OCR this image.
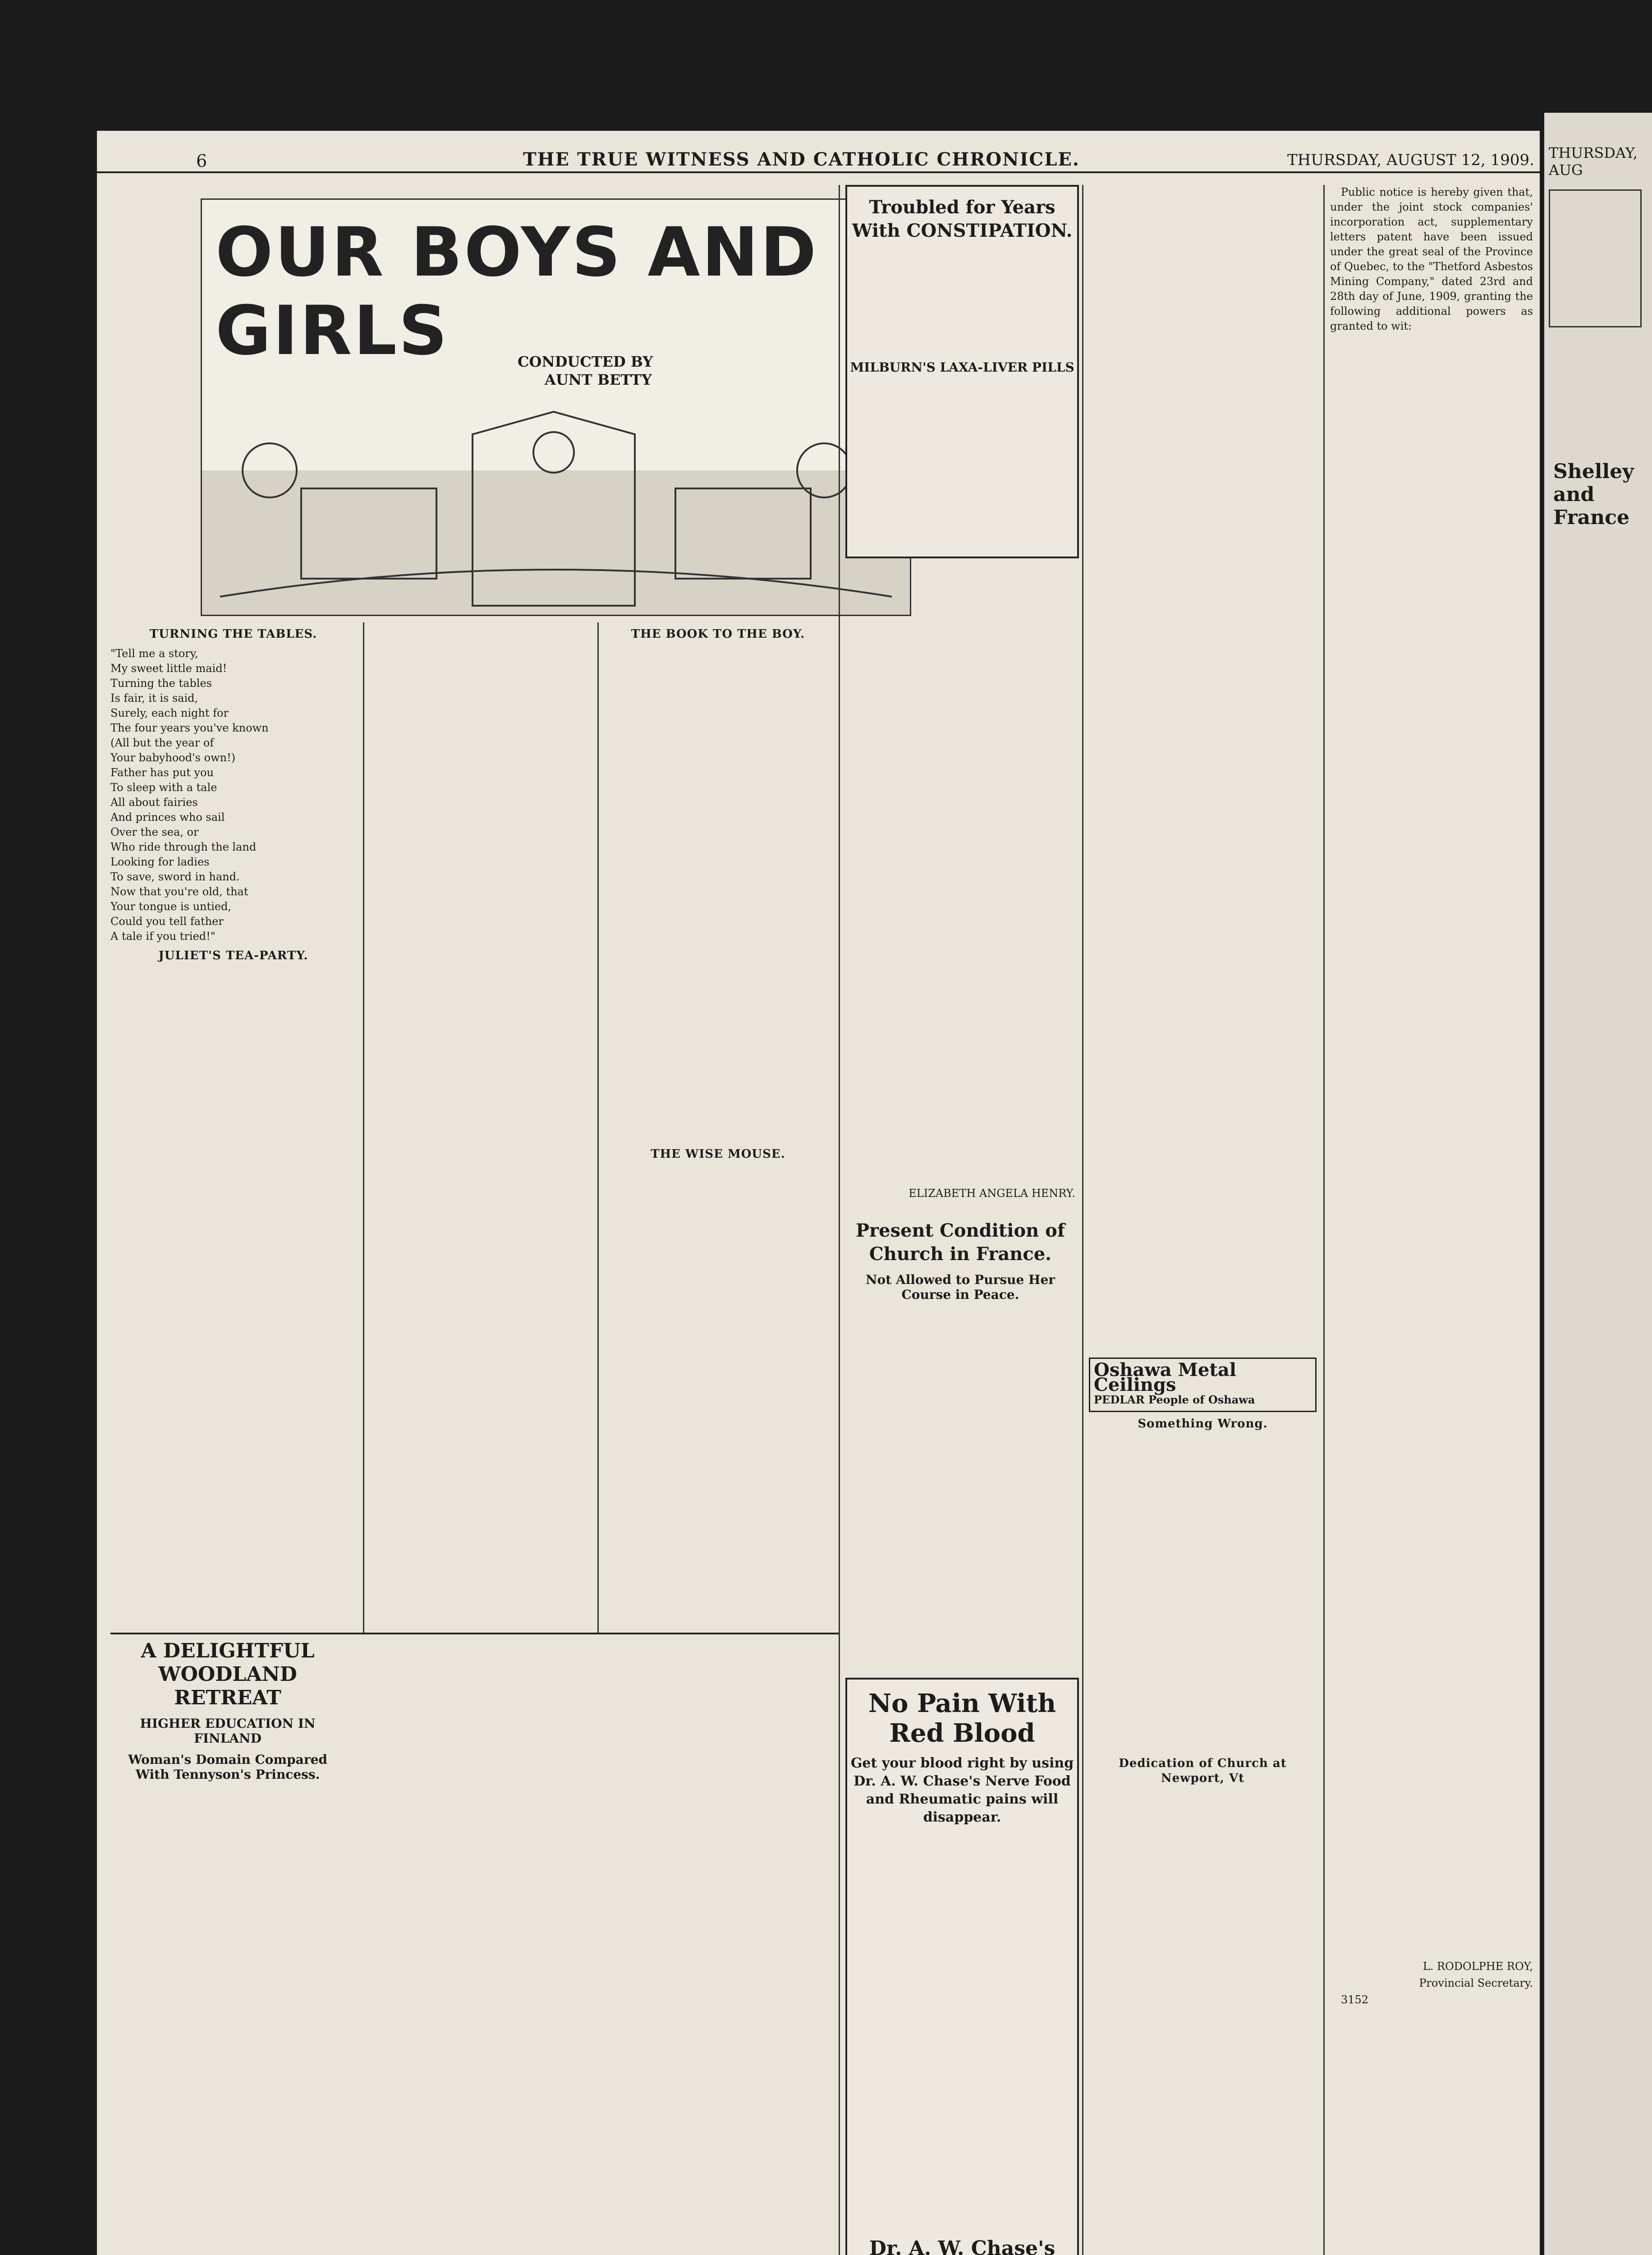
6	THE TRUE WITNESS AND CATHOLIC CHRONICLE.	THURSDAY, AUGUST 12, 1909.
OUR BOYS AND GIRLS	CONDUCTED BY
AUNT BETTY
TURNING THE TABLES.
"Tell me a story,
My sweet little maid!
Turning the tables
Is fair, it is said,
Surely, each night for
The four years you've known
(All but the year of
Your babyhood's own!)
Father has put you
To sleep with a tale
All about fairies
And princes who sail
Over the sea, or
Who ride through the land
Looking for ladies
To save, sword in hand.
Now that you're old, that
Your tongue is untied,
Could you tell father
A tale if you tried!"
JULIET'S TEA-PARTY.
THE BOOK TO THE BOY.
THE WISE MOUSE.
A DELIGHTFUL WOODLAND RETREAT
HIGHER EDUCATION IN FINLAND
Woman's Domain Compared With Tennyson's Princess.
Troubled for Years With CONSTIPATION.
MILBURN'S LAXA-LIVER PILLS

ELIZABETH ANGELA HENRY.

Present Condition of Church in France.
Not Allowed to Pursue Her Course in Peace.
No Pain With Red Blood
Get your blood right by using Dr. A. W. Chase's Nerve Food and Rheumatic pains will disappear.
Dr. A. W. Chase's
Oshawa Metal Ceilings
PEDLAR People of Oshawa
Something Wrong.
Dedication of Church at Newport, Vt

Public notice is hereby given that, under the joint stock companies' incorporation act, supplementary letters patent have been issued under the great seal of the Province of Quebec, to the "Thetford Asbestos Mining Company," dated 23rd and 28th day of June, 1909, granting the following additional powers as granted to wit:

L. RODOLPHE ROY,

Provincial Secretary.

3152

THURSDAY, AUG
Shelley and France
